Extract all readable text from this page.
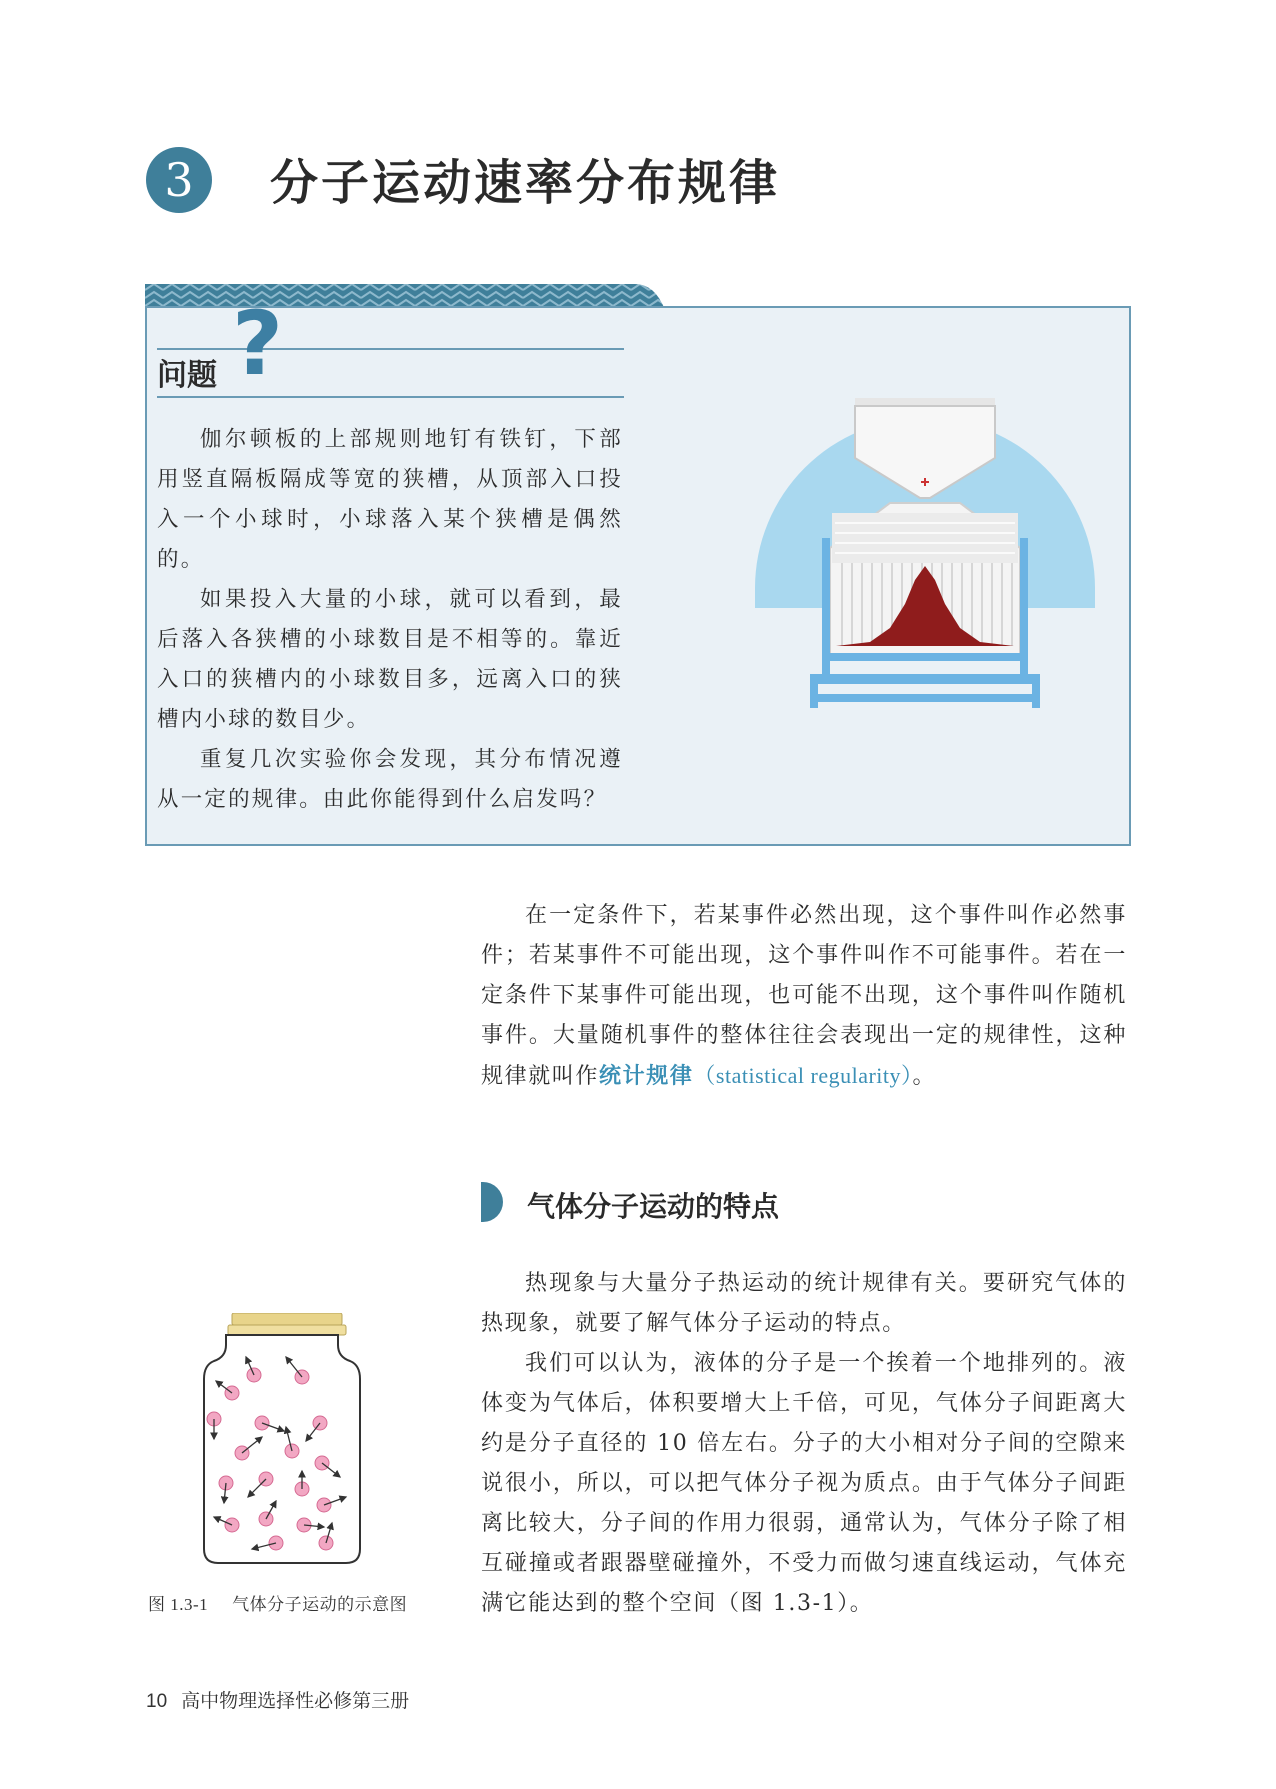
3	分子运动速率分布规律
问题 ?

伽尔顿板的上部规则地钉有铁钉，下部用竖直隔板隔成等宽的狭槽，从顶部入口投入一个小球时，小球落入某个狭槽是偶然的。

如果投入大量的小球，就可以看到，最后落入各狭槽的小球数目是不相等的。靠近入口的狭槽内的小球数目多，远离入口的狭槽内小球的数目少。

重复几次实验你会发现，其分布情况遵从一定的规律。由此你能得到什么启发吗？

在一定条件下，若某事件必然出现，这个事件叫作必然事件；若某事件不可能出现，这个事件叫作不可能事件。若在一定条件下某事件可能出现，也可能不出现，这个事件叫作随机事件。大量随机事件的整体往往会表现出一定的规律性，这种规律就叫作统计规律（statistical regularity）。

气体分子运动的特点

热现象与大量分子热运动的统计规律有关。要研究气体的热现象，就要了解气体分子运动的特点。

我们可以认为，液体的分子是一个挨着一个地排列的。液体变为气体后，体积要增大上千倍，可见，气体分子间距离大约是分子直径的 10 倍左右。分子的大小相对分子间的空隙来说很小，所以，可以把气体分子视为质点。由于气体分子间距离比较大，分子间的作用力很弱，通常认为，气体分子除了相互碰撞或者跟器壁碰撞外，不受力而做匀速直线运动，气体充满它能达到的整个空间（图 1.3-1）。

图 1.3-1 气体分子运动的示意图
10 高中物理选择性必修第三册
